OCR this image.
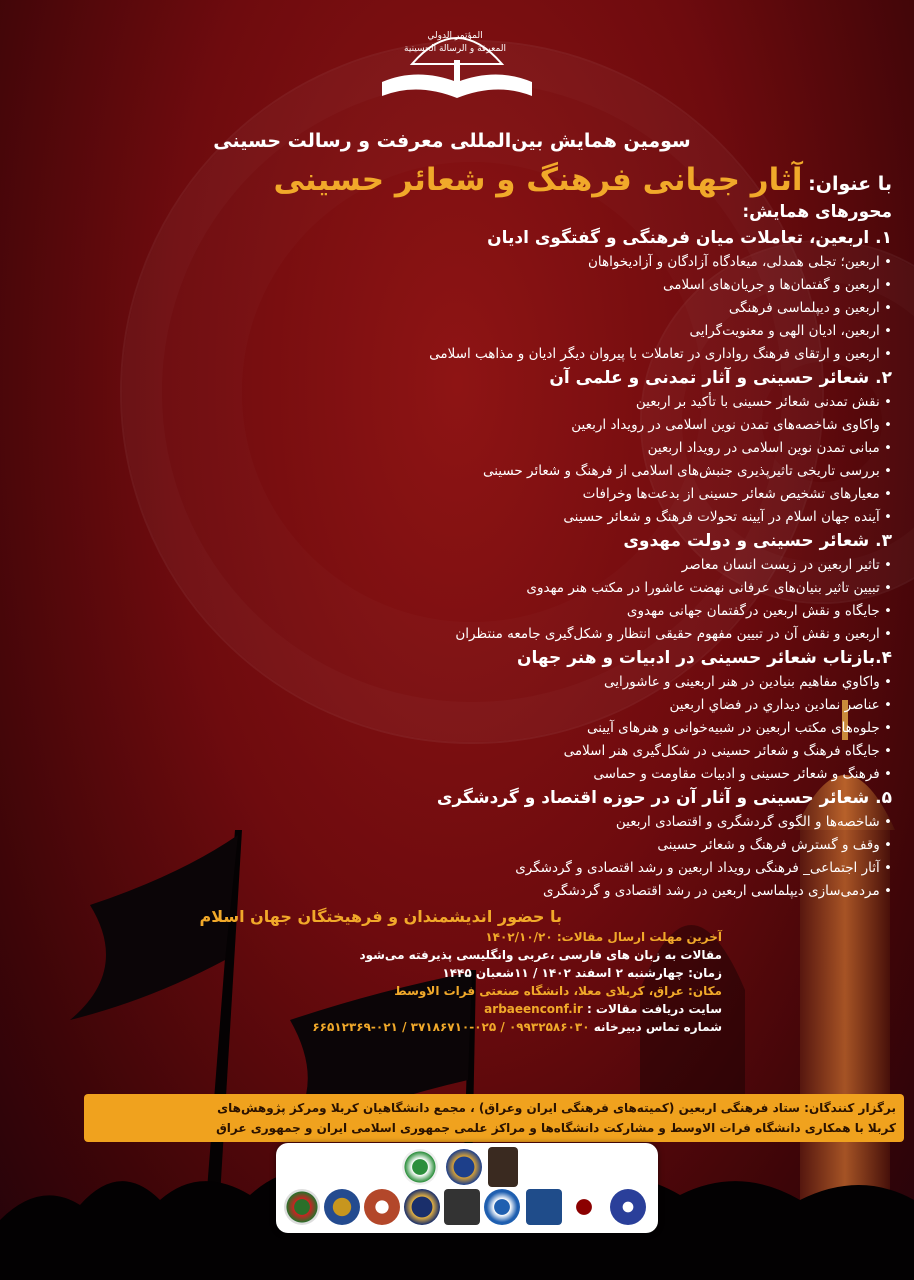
المؤتمر الدولي
المعرفة و الرسالة الحسينية
سومین همایش بین‌المللی معرفت و رسالت حسینی
با عنوان: آثار جهانی فرهنگ و شعائر حسینی
محورهای همایش:
۱. اربعین، تعاملات میان فرهنگی و گفتگوی ادیان
• اربعین؛ تجلی همدلی، میعادگاه آزادگان و آزادیخواهان
• اربعین و گفتمان‌ها و جریان‌های اسلامی
• اربعین و دیپلماسی فرهنگی
• اربعین، ادیان الهی و معنویت‌گرایی
• اربعین و ارتقای فرهنگ روادارى در تعاملات با پیروان دیگر ادیان و مذاهب اسلامی
۲. شعائر حسینی و آثار تمدنی و علمی آن
• نقش تمدنی شعائر حسینی با تأکید بر اربعین
• واکاوی شاخصه‌های تمدن نوین اسلامی در رویداد اربعین
• مبانی تمدن نوین اسلامی در رویداد اربعین
• بررسی تاریخی تاثیرپذیری جنبش‌های اسلامی از فرهنگ و شعائر حسینی
• معیارهای تشخیص شعائر حسینی از بدعت‌ها وخرافات
• آینده جهان اسلام در آیینه تحولات فرهنگ و شعائر حسینی
۳. شعائر حسینی و دولت مهدوی
• تاثیر اربعین در زیست انسان معاصر
• تبیین تاثیر بنیان‌های عرفانی نهضت عاشورا در مکتب هنر مهدوی
• جایگاه و نقش اربعین درگفتمان جهانی مهدوی
• اربعین و نقش آن در تبیین مفهوم حقیقی انتظار و شکل‌گیری جامعه منتظران
۴.بازتاب شعائر حسینی در ادبیات و هنر جهان
• واکاوي مفاهیم بنیادین در هنر اربعینی و عاشورایی
• عناصر نمادین دیداري در فضاي اربعین
• جلوه‌های مکتب اربعین در شبیه‌خوانی و هنرهای آیینی
• جایگاه فرهنگ و شعائر حسینی در شکل‌گیری هنر اسلامی
• فرهنگ و شعائر حسینی و ادبیات مقاومت و حماسی
۵. شعائر حسینی و آثار آن در حوزه اقتصاد و گردشگری
• شاخصه‌ها و الگوی گردشگری و اقتصادی اربعین
• وقف و گسترش فرهنگ و شعائر حسینی
• آثار اجتماعی_ فرهنگی رویداد اربعین و رشد اقتصادی و گردشگری
• مردمی‌سازی دیپلماسی اربعین در رشد اقتصادی و گردشگری
با حضور اندیشمندان و فرهیختگان جهان اسلام
آخرین مهلت ارسال مقالات: ۱۴۰۲/۱۰/۲۰
مقالات به زبان های فارسی ،عربی وانگلیسی پذیرفته می‌شود
زمان: چهارشنبه ۲ اسفند ۱۴۰۲ / ۱۱شعبان ۱۴۴۵
مکان: عراق، کربلای معلا، دانشگاه صنعتی فرات الاوسط
سایت دریافت مقالات : arbaeenconf.ir
شماره تماس دبیرخانه ۰۹۹۳۲۵۸۶۰۳۰ / ۰۲۵-۳۷۱۸۶۷۱۰ / ۰۲۱-۶۶۵۱۲۳۶۹
برگزار کنندگان: ستاد فرهنگی اربعین (کمیته‌های فرهنگی ایران وعراق) ، مجمع دانشگاهیان کربلا ومرکز پژوهش‌های
کربلا با همکاری دانشگاه فرات الاوسط و مشارکت دانشگاه‌ها و مراکز علمی جمهوری اسلامی ایران و جمهوری عراق
